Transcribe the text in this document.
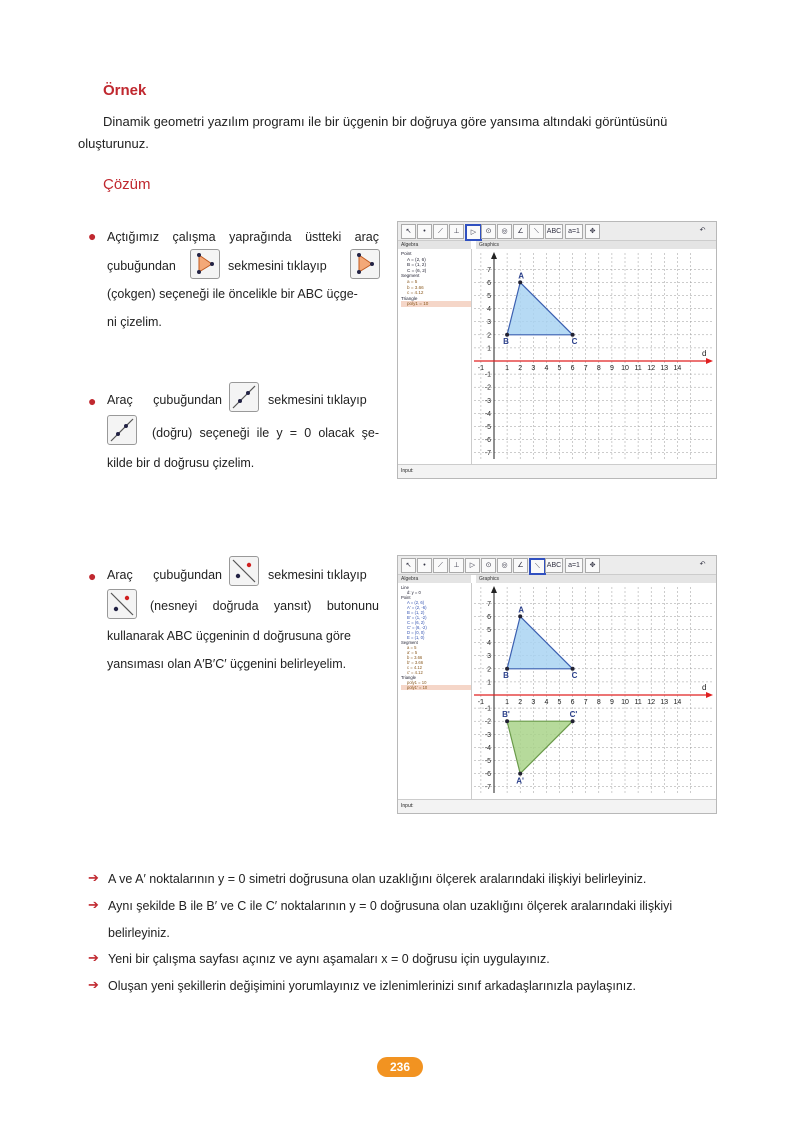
Örnek
Dinamik geometri yazılım programı ile bir üçgenin bir doğruya göre yansıma altındaki görüntüsünü
oluşturunuz.
Çözüm
● Açtığımız çalışma yaprağında üstteki araç
çubuğundan	sekmesini tıklayıp
(çokgen) seçeneği ile öncelikle bir ABC üçge-
ni çizelim.
● Araç çubuğundan	sekmesini tıklayıp
(doğru) seçeneği ile y = 0 olacak şe-
kilde bir d doğrusu çizelim.
● Araç çubuğundan	sekmesini tıklayıp
(nesneyi doğruda yansıt) butonunu
kullanarak ABC üçgeninin d doğrusuna göre
yansıması olan A′B′C′ üçgenini belirleyelim.
↖	•	⟋	⊥	▷	⊙	◎	∠	⟍	ABC a=1	✥	↶
Algebra	Graphics
Point
A = (2, 6)
B = (1, 2)
C = (6, 2)
Segment
a = 5
b = 3.66
c = 4.12
Triangle
poly1 = 10
d
-1	1 2 3 4 5 6 7 8 9 10 11 12 13 14
7
6
5
4
3
2
1
-1
-2
-3
-4
-5
-6
-7
A
B	C
Input:
↖	•	⟋	⊥	▷	⊙	◎	∠	⟍ ABC a=1	✥	↶
Algebra	Graphics
Line
d: y = 0
Point
A = (2, 6)
A' = (2, -6)
B = (1, 2)
B' = (1, -2)
C = (6, 2)
C' = (6, -2)
D = (0, 0)
E = (1, 0)
Segment
a = 5
a' = 5
b = 3.66
b' = 3.66
c = 4.12
c' = 4.12
Triangle
poly1 = 10
poly1' = 10	d
-1	1 2 3 4 5 6 7 8 9 10 11 12 13 14
7
6
5
4
3
2
1
-1
-2
-3
-4
-5
-6
-7
A
B	C
A'
B'	C'
Input:
➔ A ve A′ noktalarının y = 0 simetri doğrusuna olan uzaklığını ölçerek aralarındaki ilişkiyi belirleyiniz.
➔ Aynı şekilde B ile B′ ve C ile C′ noktalarının y = 0 doğrusuna olan uzaklığını ölçerek aralarındaki ilişkiyi
belirleyiniz.
➔ Yeni bir çalışma sayfası açınız ve aynı aşamaları x = 0 doğrusu için uygulayınız.
➔ Oluşan yeni şekillerin değişimini yorumlayınız ve izlenimlerinizi sınıf arkadaşlarınızla paylaşınız.
236
